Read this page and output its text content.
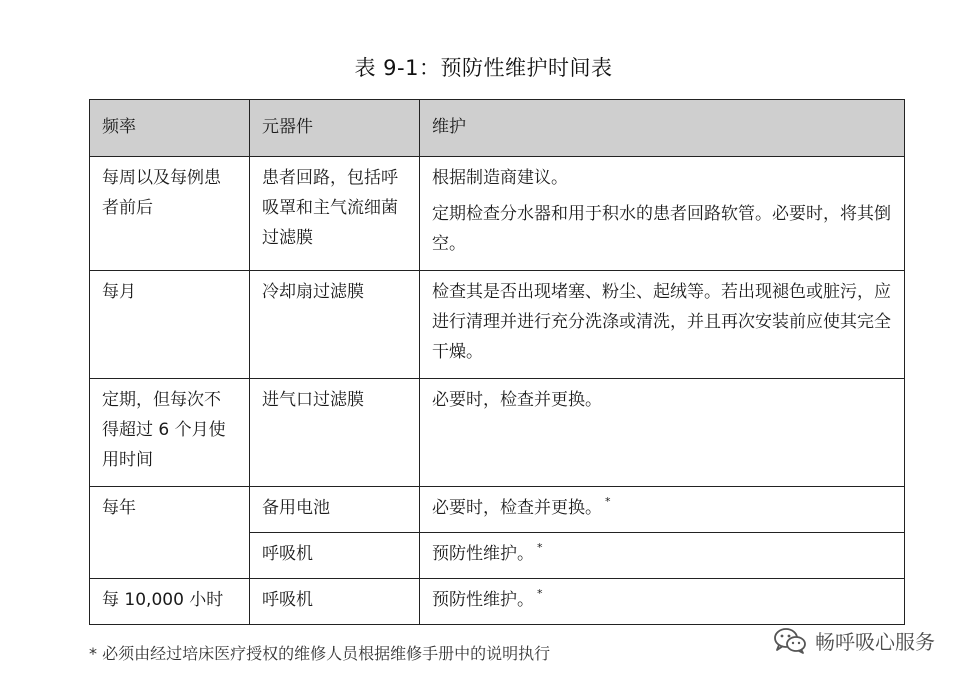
表 9-1：预防性维护时间表
频率	元器件	维护
每周以及每例患者前后	患者回路，包括呼吸罩和主气流细菌过滤膜	根据制造商建议。
定期检查分水器和用于积水的患者回路软管。必要时，将其倒空。

每月	冷却扇过滤膜	检查其是否出现堵塞、粉尘、起绒等。若出现褪色或脏污，应进行清理并进行充分洗涤或清洗，并且再次安装前应使其完全干燥。
定期，但每次不得超过 6 个月使用时间	进气口过滤膜	必要时，检查并更换。
每年	备用电池	必要时，检查并更换。 *
	呼吸机	预防性维护。 *
每 10,000 小时	呼吸机	预防性维护。 *
* 必须由经过培床医疗授权的维修人员根据维修手册中的说明执行	畅呼吸心服务
